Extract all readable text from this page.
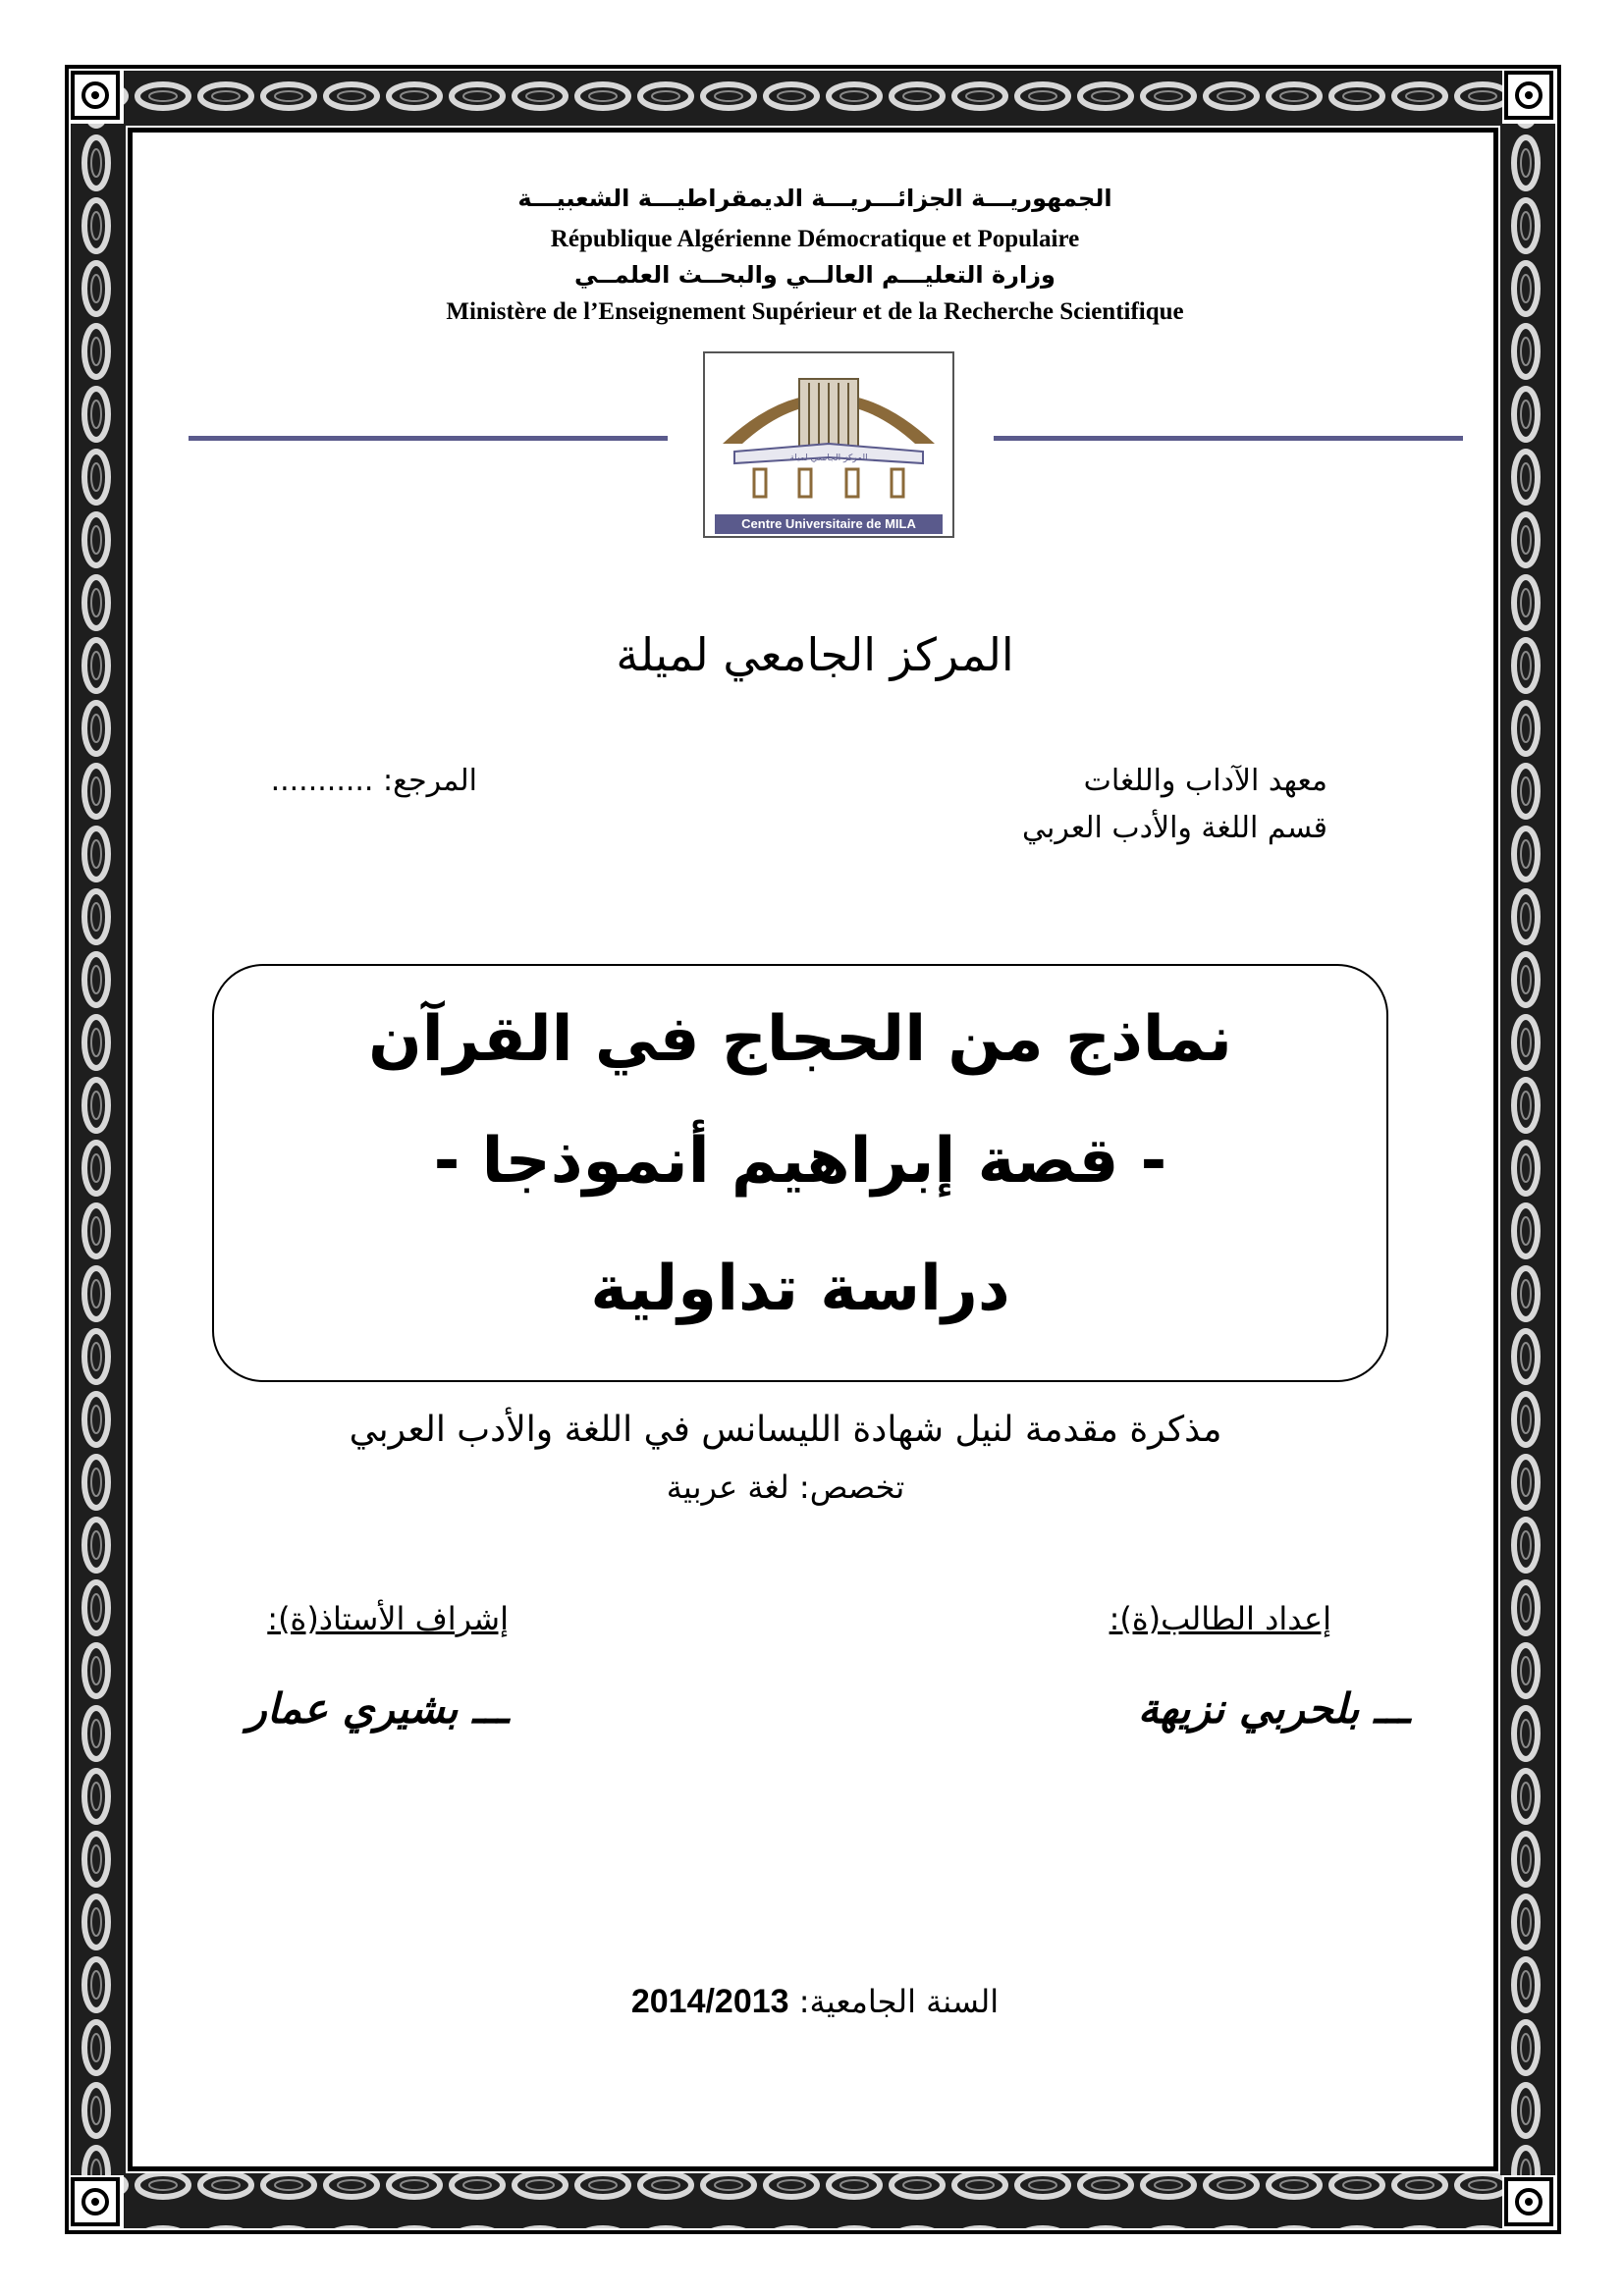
الجمهوريـــة الجزائـــريـــة الديمقراطيـــة الشعبيـــة
République Algérienne Démocratique et Populaire
وزارة التعليـــم العالــي والبحــث العلمــي
Ministère de l’Enseignement Supérieur et de la Recherche Scientifique
المركز الجامعي لميلة
Centre Universitaire de MILA
المركز الجامعي لميلة
معهد الآداب واللغات
قسم اللغة والأدب العربي
المرجع: ...........
نماذج من الحجاج في القرآن
- قصة إبراهيم أنموذجا -
دراسة تداولية
مذكرة مقدمة لنيل شهادة الليسانس في اللغة والأدب العربي
تخصص: لغة عربية
إعداد الطالب(ة):
إشراف الأستاذ(ة):
ـــ بلحربي نزيهة
ـــ بشيري عمار
السنة الجامعية: 2014/2013
